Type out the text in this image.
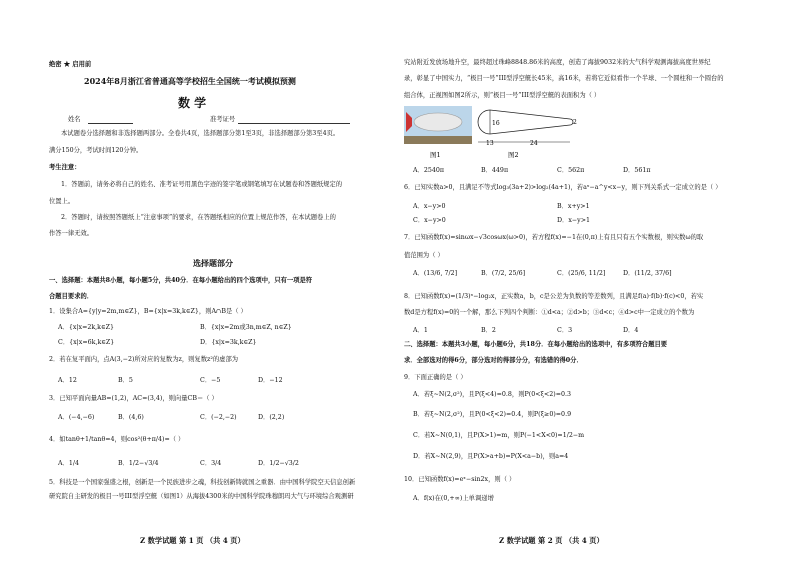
绝密 ★ 启用前
2024年8月浙江省普通高等学校招生全国统一考试模拟预测
数 学
姓名	准考证号
本试题卷分选择题和非选择题两部分。全卷共4页，选择题部分第1至3页，非选择题部分第3至4页。
满分150分，考试时间120分钟。
考生注意：
1．答题前，请务必将自己的姓名、准考证号用黑色字迹的签字笔或钢笔填写在试题卷和答题纸规定的
位置上。
2．答题时，请按照答题纸上“注意事项”的要求，在答题纸相应的位置上规范作答，在本试题卷上的
作答一律无效。
选择题部分
一、选择题：本题共8小题，每小题5分，共40分．在每小题给出的四个选项中，只有一项是符
合题目要求的．
1．设集合A={y|y=2m,m∈Z}，B={x|x=3k,k∈Z}，则A∩B是（ ）
A．{x|x=2k,k∈Z}	B．{x|x=2m或3n,m∈Z, n∈Z}
C．{x|x=6k,k∈Z}	D．{x|x=3k,k∈Z}
2．若在复平面内，点A(3,−2)所对应的复数为z，则复数z²的虚部为
A．12	B．5	C．−5	D．−12
3．已知平面向量AB=(1,2)，AC=(3,4)，则向量CB＝（ ）
A．(−4,−6)	B．(4,6)	C．(−2,−2)	D．(2,2)
4．如tanθ+1/tanθ=4，则cos²(θ+π/4)=（ ）
A．1/4	B．1/2−√3/4	C．3/4	D．1/2−√3/2
5．科技是一个国家强盛之根，创新是一个民族进步之魂，科技创新铸就国之重器．由中国科学院空天信息创新
研究院自主研发的极目一号III型浮空艇（如图1）从海拔4300米的中国科学院珠穆朗玛大气与环境综合观测研
Z 数学试题 第 1 页 （共 4 页）
究站附近发放场地升空，最终超过珠峰8848.86米的高度，创造了海拔9032米的大气科学观测海拔高度世界纪
录，彰显了中国实力，“极目一号”III型浮空艇长45米，高16米，若将它近似看作一个半球、一个圆柱和一个圆台的
组合体，正视图如图2所示，则“极目一号”III型浮空艇的表面积为（ ）
16	2
13	24
图1	图2
A．2540π	B．449π	C．562π	D．561π
6．已知实数a>0，且满足不等式log₃(3a+2)>log₂(4a+1)，若aˣ−a^y<x−y，则下列关系式一定成立的是（ ）
A．x−y>0	B．x+y>1
C．x−y>0	D．x−y>1
7．已知函数f(x)=sinωx−√3cosωx(ω>0)，若方程f(x)=−1在(0,π)上有且只有五个实数根，则实数ω的取
值范围为（ ）
A．(13/6, 7/2]	B．(7/2, 25/6]	C．(25/6, 11/2]	D．(11/2, 37/6]
8．已知函数f(x)=(1/3)ˣ−log₂x，正实数a，b，c是公差为负数的等差数列，且满足f(a)·f(b)·f(c)<0，若实
数d是方程f(x)=0的一个解，那么下列四个判断：①d<a；②d>b；③d<c；④d>c中一定成立的个数为
A．1	B．2	C．3	D．4
二、选择题：本题共3小题，每小题6分，共18分．在每小题给出的选项中，有多项符合题目要
求．全部选对的得6分，部分选对的得部分分，有选错的得0分．
9．下面正确的是（ ）
A．若ξ~N(2,σ²)，且P(ξ<4)=0.8，则P(0<ξ<2)=0.3
B．若ξ~N(2,σ²)，且P(0<ξ<2)=0.4，则P(ξ≥0)=0.9
C．若X~N(0,1)，且P(X>1)=m，则P(−1<X<0)=1/2−m
D．若X~N(2,9)，且P(X>a+b)=P(X<a−b)，则a=4
10．已知函数f(x)=eˣ−sin2x，则（ ）
A．f(x)在(0,+∞)上单调递增
Z 数学试题 第 2 页 （共 4 页）
